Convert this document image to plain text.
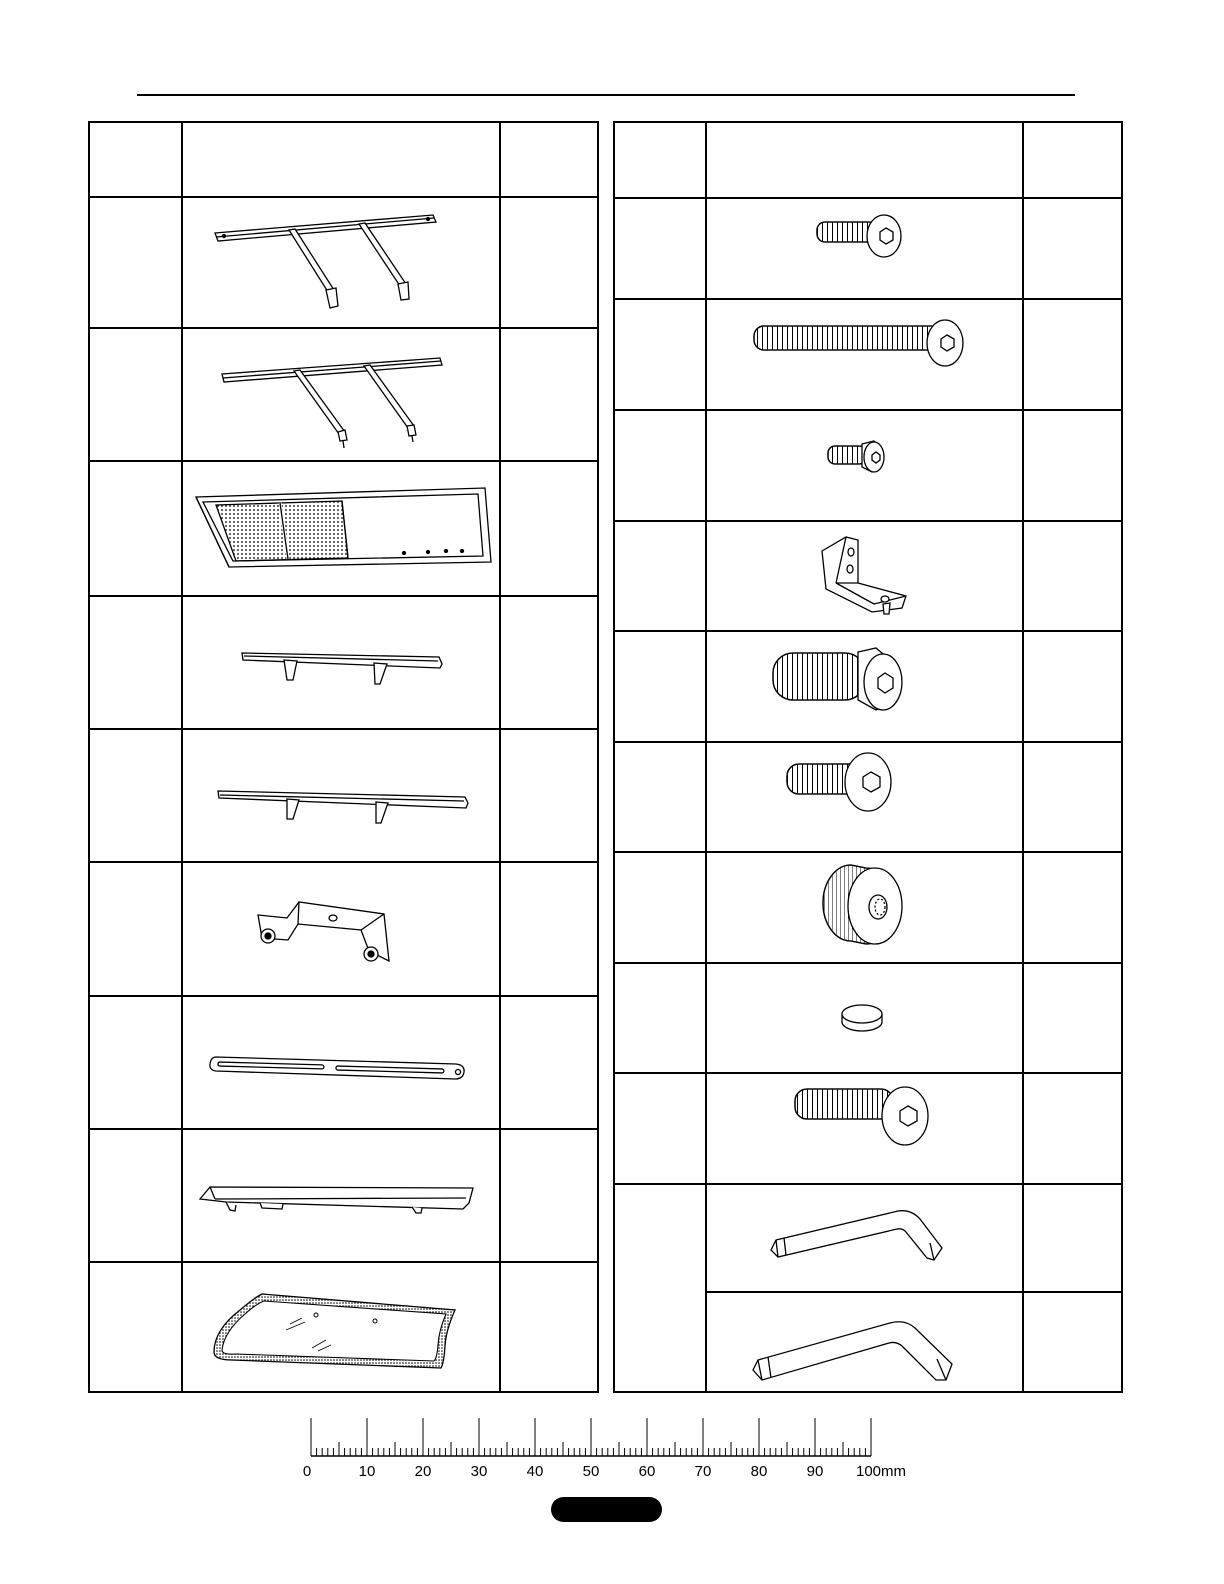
0	10	20	30	40	50	60	70	80	90 100mm
